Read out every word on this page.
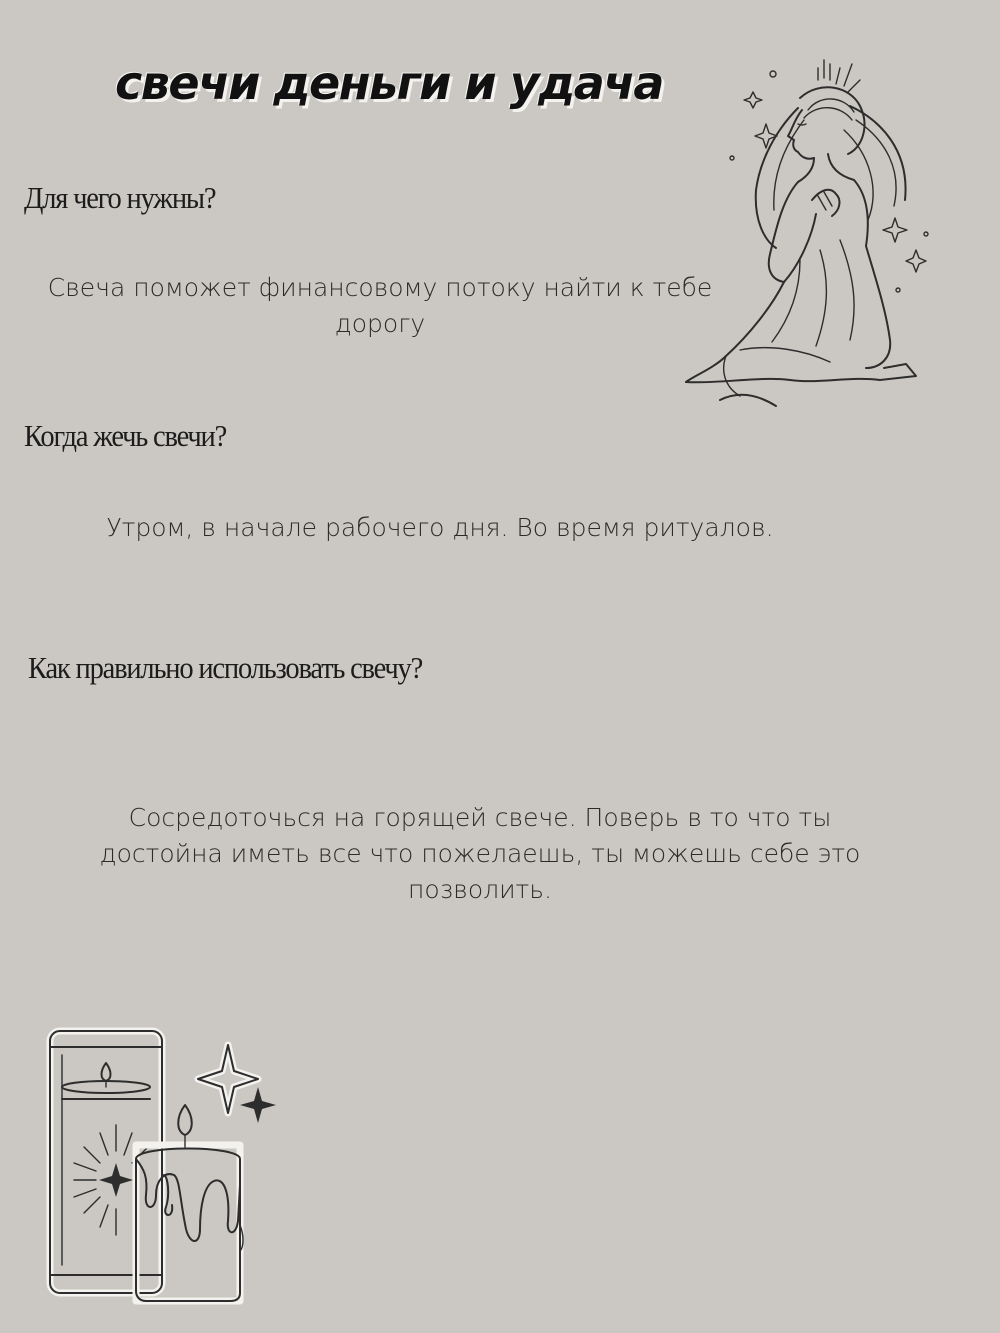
свечи деньги и удача
Для чего нужны?
Свеча поможет финансовому потоку найти к тебе дорогу
Когда жечь свечи?
Утром, в начале рабочего дня. Во время ритуалов.
Как правильно использовать свечу?
Сосредоточься на горящей свече. Поверь в то что ты достойна иметь все что пожелаешь, ты можешь себе это позволить.
